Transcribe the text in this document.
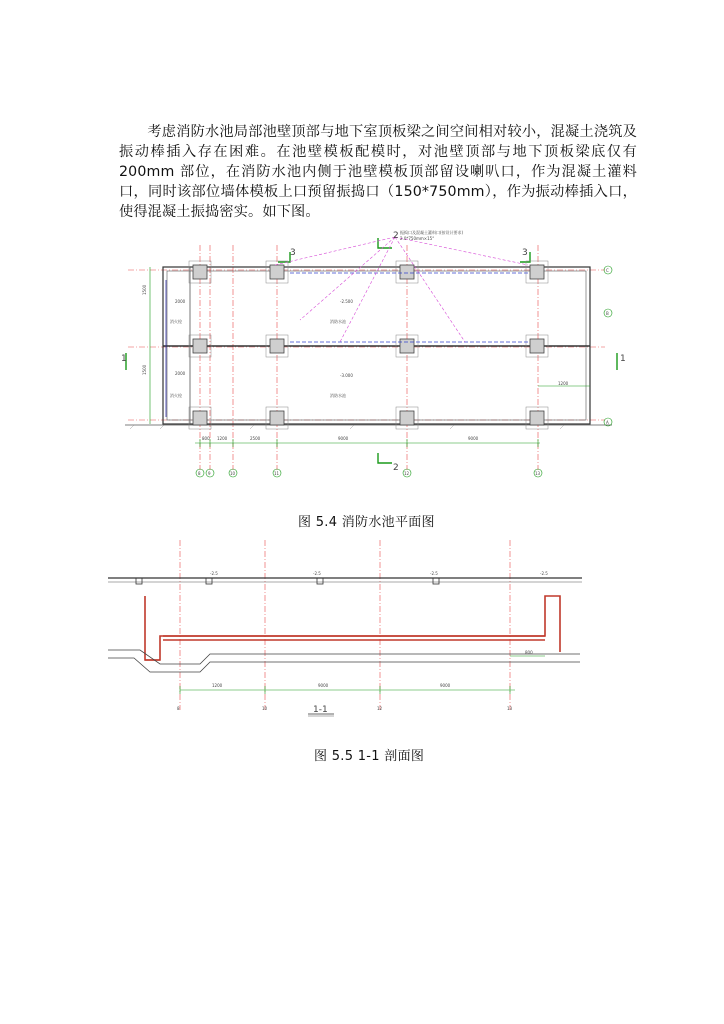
考虑消防水池局部池壁顶部与地下室顶板梁之间空间相对较小，混凝土浇筑及振动棒插入存在困难。在池壁模板配模时，对池壁顶部与地下顶板梁底仅有200mm 部位，在消防水池内侧于池壁模板顶部留设喇叭口，作为混凝土灌料口，同时该部位墙体模板上口预留振捣口（150*750mm），作为振动棒插入口，使得混凝土振捣密实。如下图。

2
2
3	3
1	1
振捣口及混凝土灌料口(按设计要求)
2.0*750mm×15°
2000
2000
消火栓
消火栓
-2.500
-3.000
消防水池
消防水池
1200
800 1200	2500	9000	9000
1500
1500
C
B
A
8 9	10	11	12	13
图 5.4 消防水池平面图
1200	9000	9000
800
-2.5	-2.5	-2.5	-2.5
8	10	12	13
1-1
图 5.5 1-1 剖面图
